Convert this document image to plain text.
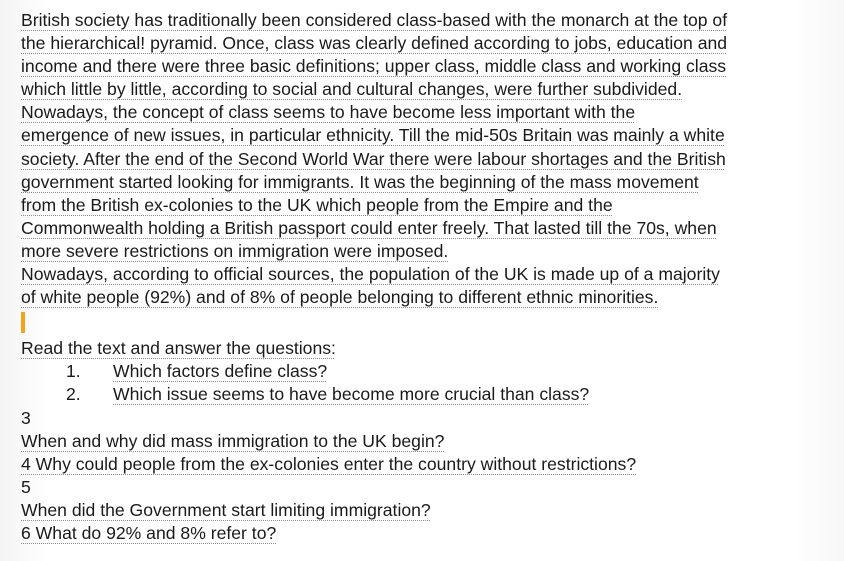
British society has traditionally been considered class-based with the monarch at the top of
the hierarchical! pyramid. Once, class was clearly defined according to jobs, education and
income and there were three basic definitions; upper class, middle class and working class
which little by little, according to social and cultural changes, were further subdivided.

Nowadays, the concept of class seems to have become less important with the
emergence of new issues, in particular ethnicity. Till the mid-50s Britain was mainly a white
society. After the end of the Second World War there were labour shortages and the British
government started looking for immigrants. It was the beginning of the mass movement
from the British ex-colonies to the UK which people from the Empire and the
Commonwealth holding a British passport could enter freely. That lasted till the 70s, when
more severe restrictions on immigration were imposed.

Nowadays, according to official sources, the population of the UK is made up of a majority
of white people (92%) and of 8% of people belonging to different ethnic minorities.

Read the text and answer the questions:

1.	Which factors define class?
2.	Which issue seems to have become more crucial than class?

3

When and why did mass immigration to the UK begin?

4 Why could people from the ex-colonies enter the country without restrictions?

5

When did the Government start limiting immigration?

6 What do 92% and 8% refer to?
